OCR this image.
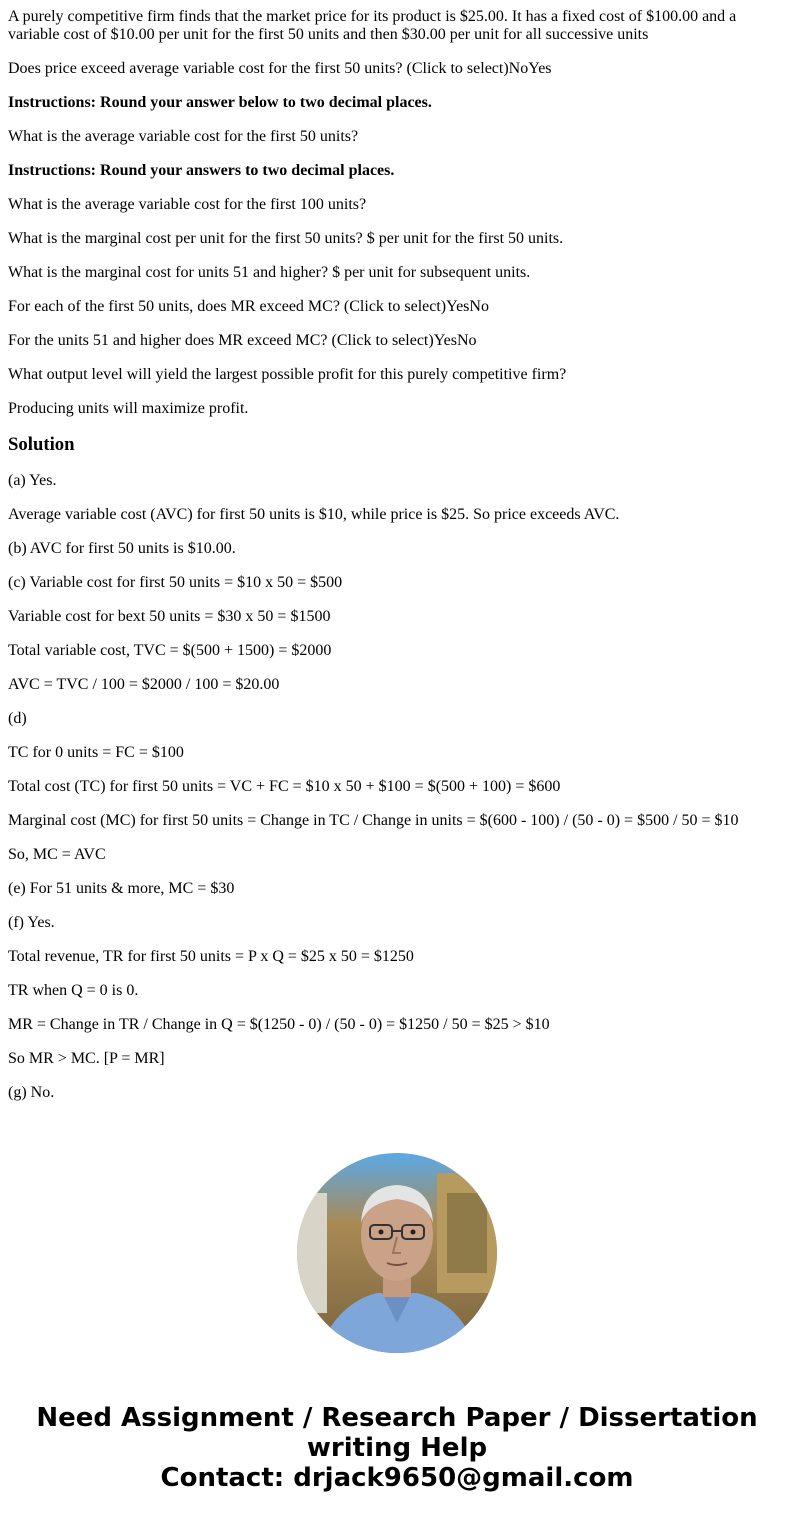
A purely competitive firm finds that the market price for its product is $25.00. It has a fixed cost of $100.00 and a variable cost of $10.00 per unit for the first 50 units and then $30.00 per unit for all successive units

Does price exceed average variable cost for the first 50 units? (Click to select)NoYes

Instructions: Round your answer below to two decimal places.

What is the average variable cost for the first 50 units?

Instructions: Round your answers to two decimal places.

What is the average variable cost for the first 100 units?

What is the marginal cost per unit for the first 50 units? $ per unit for the first 50 units.

What is the marginal cost for units 51 and higher? $ per unit for subsequent units.

For each of the first 50 units, does MR exceed MC? (Click to select)YesNo

For the units 51 and higher does MR exceed MC? (Click to select)YesNo

What output level will yield the largest possible profit for this purely competitive firm?

Producing units will maximize profit.

Solution

(a) Yes.

Average variable cost (AVC) for first 50 units is $10, while price is $25. So price exceeds AVC.

(b) AVC for first 50 units is $10.00.

(c) Variable cost for first 50 units = $10 x 50 = $500

Variable cost for bext 50 units = $30 x 50 = $1500

Total variable cost, TVC = $(500 + 1500) = $2000

AVC = TVC / 100 = $2000 / 100 = $20.00

(d)

TC for 0 units = FC = $100

Total cost (TC) for first 50 units = VC + FC = $10 x 50 + $100 = $(500 + 100) = $600

Marginal cost (MC) for first 50 units = Change in TC / Change in units = $(600 - 100) / (50 - 0) = $500 / 50 = $10

So, MC = AVC

(e) For 51 units & more, MC = $30

(f) Yes.

Total revenue, TR for first 50 units = P x Q = $25 x 50 = $1250

TR when Q = 0 is 0.

MR = Change in TR / Change in Q = $(1250 - 0) / (50 - 0) = $1250 / 50 = $25 > $10

So MR > MC. [P = MR]

(g) No.

Need Assignment / Research Paper / Dissertation
writing Help
Contact: drjack9650@gmail.com
